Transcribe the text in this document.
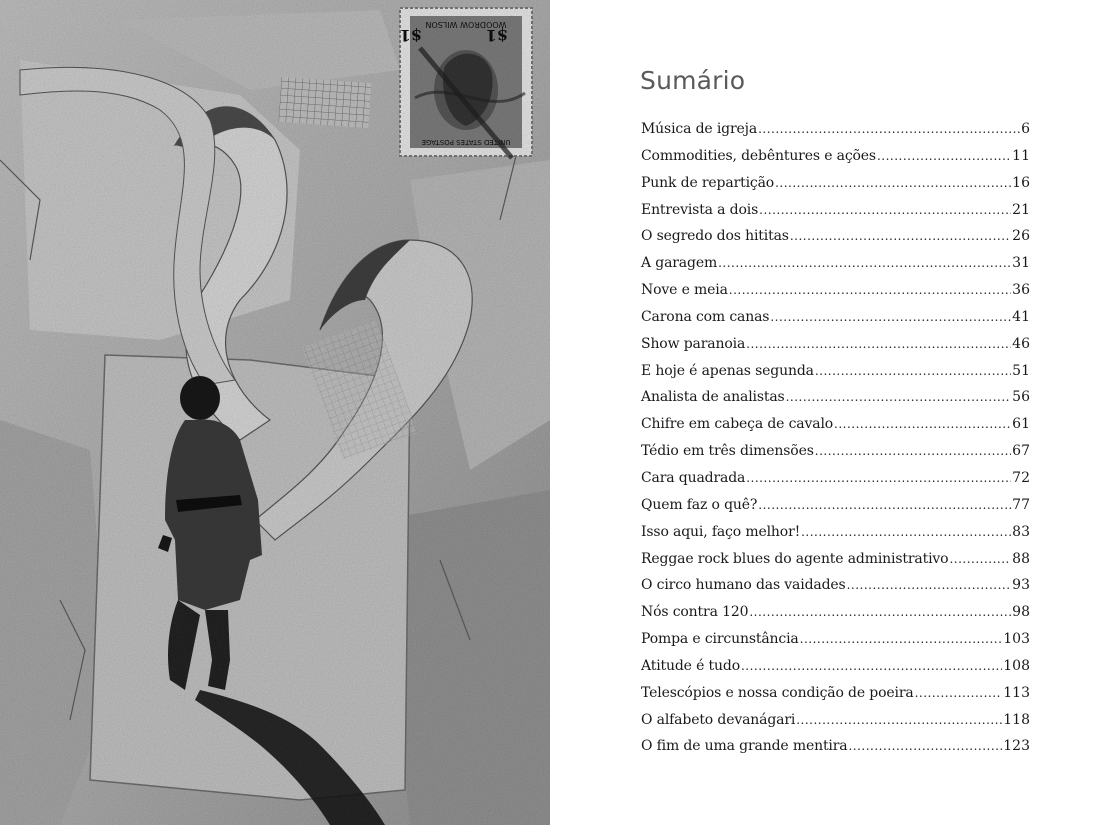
WOODROW WILSON
$1	$1
UNITED STATES POSTAGE
Sumário
Música de igreja .....	6
Commodities, debêntures e ações .....	11
Punk de repartição .....	16
Entrevista a dois .....	21
O segredo dos hititas .....	26
A garagem .....	31
Nove e meia .....	36
Carona com canas .....	41
Show paranoia .....	46
E hoje é apenas segunda .....	51
Analista de analistas .....	56
Chifre em cabeça de cavalo .....	61
Tédio em três dimensões .....	67
Cara quadrada .....	72
Quem faz o quê? .....	77
Isso aqui, faço melhor! .....	83
Reggae rock blues do agente administrativo .....	88
O circo humano das vaidades .....	93
Nós contra 120 .....	98
Pompa e circunstância .....	103
Atitude é tudo .....	108
Telescópios e nossa condição de poeira .....	113
O alfabeto devanágari .....	118
O fim de uma grande mentira .....	123
